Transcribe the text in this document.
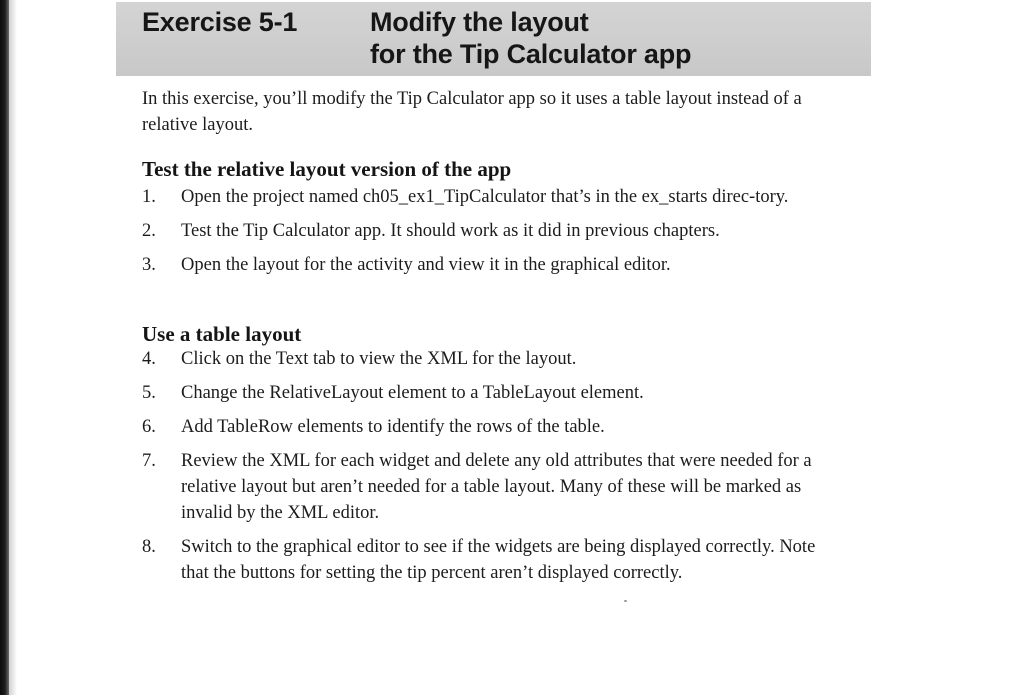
Exercise 5-1	Modify the layout
for the Tip Calculator app

In this exercise, you’ll modify the Tip Calculator app so it uses a table layout instead of a relative layout.

Test the relative layout version of the app
1.	Open the project named ch05_ex1_TipCalculator that’s in the ex_starts direc-tory.
2.	Test the Tip Calculator app. It should work as it did in previous chapters.
3.	Open the layout for the activity and view it in the graphical editor.
Use a table layout
4.	Click on the Text tab to view the XML for the layout.
5.	Change the RelativeLayout element to a TableLayout element.
6.	Add TableRow elements to identify the rows of the table.
7.	Review the XML for each widget and delete any old attributes that were needed for a relative layout but aren’t needed for a table layout. Many of these will be marked as invalid by the XML editor.
8.	Switch to the graphical editor to see if the widgets are being displayed correctly. Note that the buttons for setting the tip percent aren’t displayed correctly.
